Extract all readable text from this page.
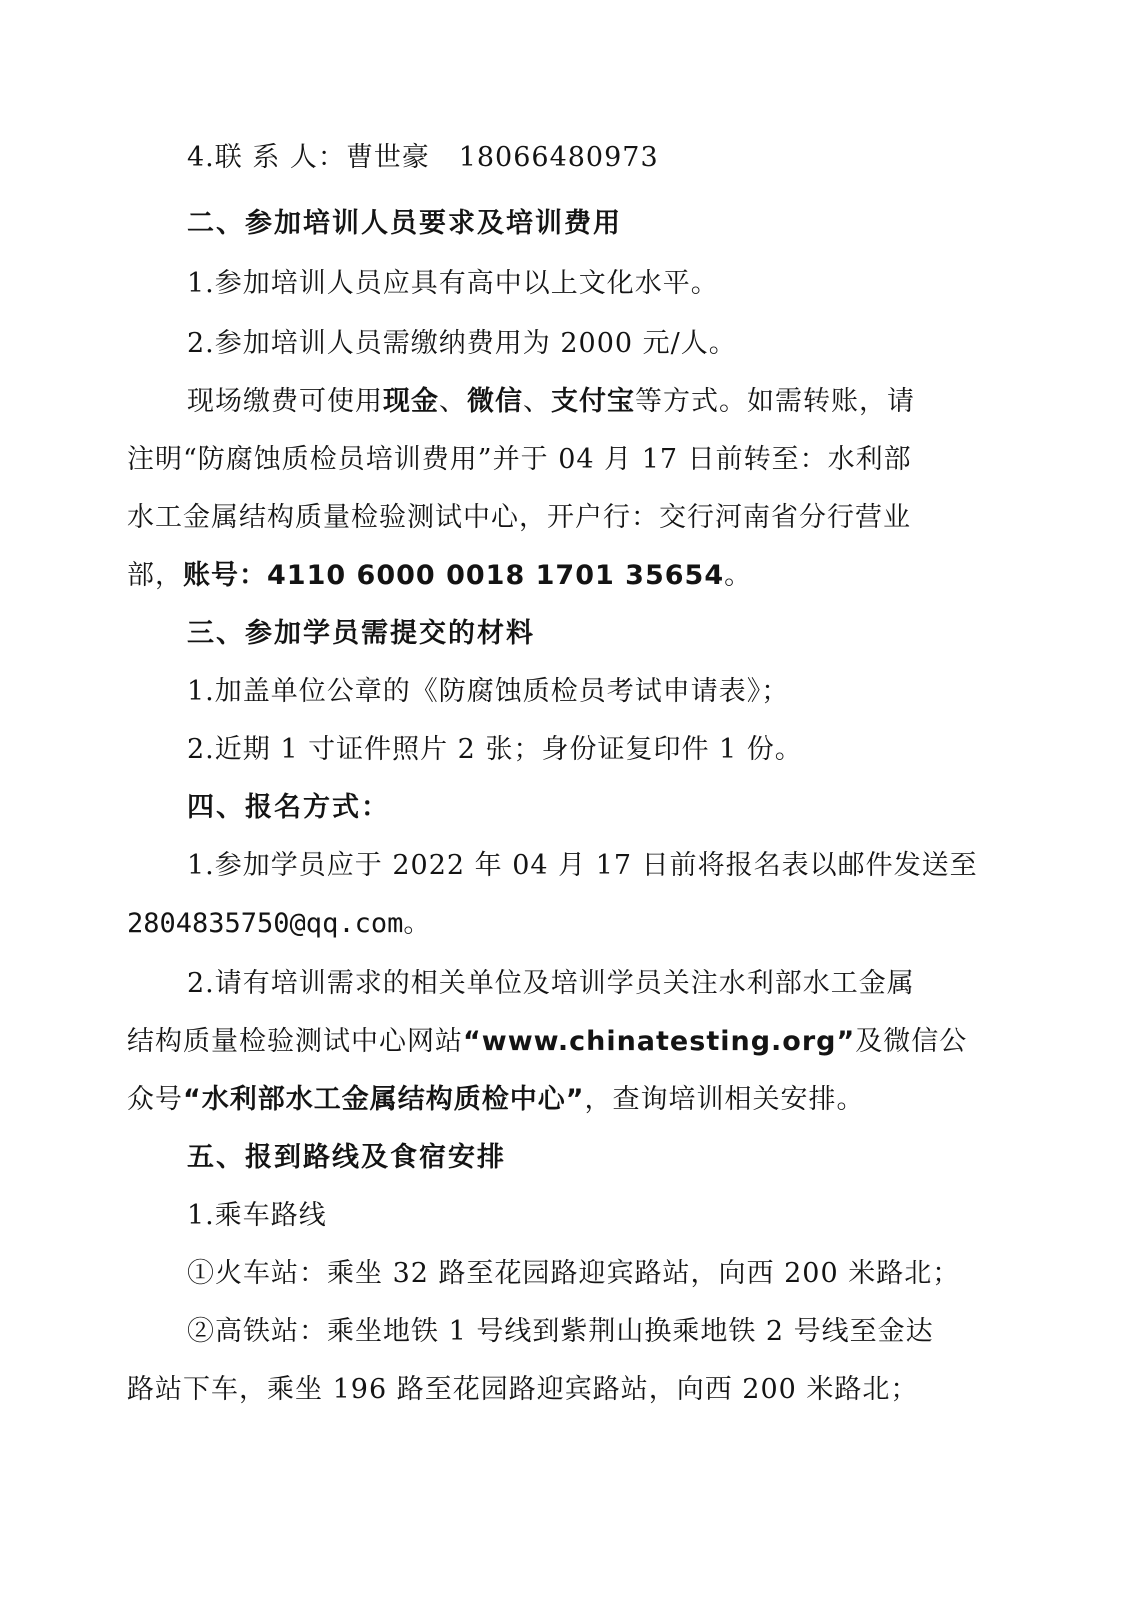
4.联 系 人：曹世豪 18066480973
二、参加培训人员要求及培训费用
1.参加培训人员应具有高中以上文化水平。
2.参加培训人员需缴纳费用为 2000 元/人。
现场缴费可使用现金、微信、支付宝等方式。如需转账，请
注明“防腐蚀质检员培训费用”并于 04 月 17 日前转至：水利部
水工金属结构质量检验测试中心，开户行：交行河南省分行营业
部，账号：4110 6000 0018 1701 35654。
三、参加学员需提交的材料
1.加盖单位公章的《防腐蚀质检员考试申请表》；
2.近期 1 寸证件照片 2 张；身份证复印件 1 份。
四、报名方式：
1.参加学员应于 2022 年 04 月 17 日前将报名表以邮件发送至
2804835750@qq.com。
2.请有培训需求的相关单位及培训学员关注水利部水工金属
结构质量检验测试中心网站“www.chinatesting.org”及微信公
众号“水利部水工金属结构质检中心”，查询培训相关安排。
五、报到路线及食宿安排
1.乘车路线
①火车站：乘坐 32 路至花园路迎宾路站，向西 200 米路北；
②高铁站：乘坐地铁 1 号线到紫荆山换乘地铁 2 号线至金达
路站下车，乘坐 196 路至花园路迎宾路站，向西 200 米路北；
